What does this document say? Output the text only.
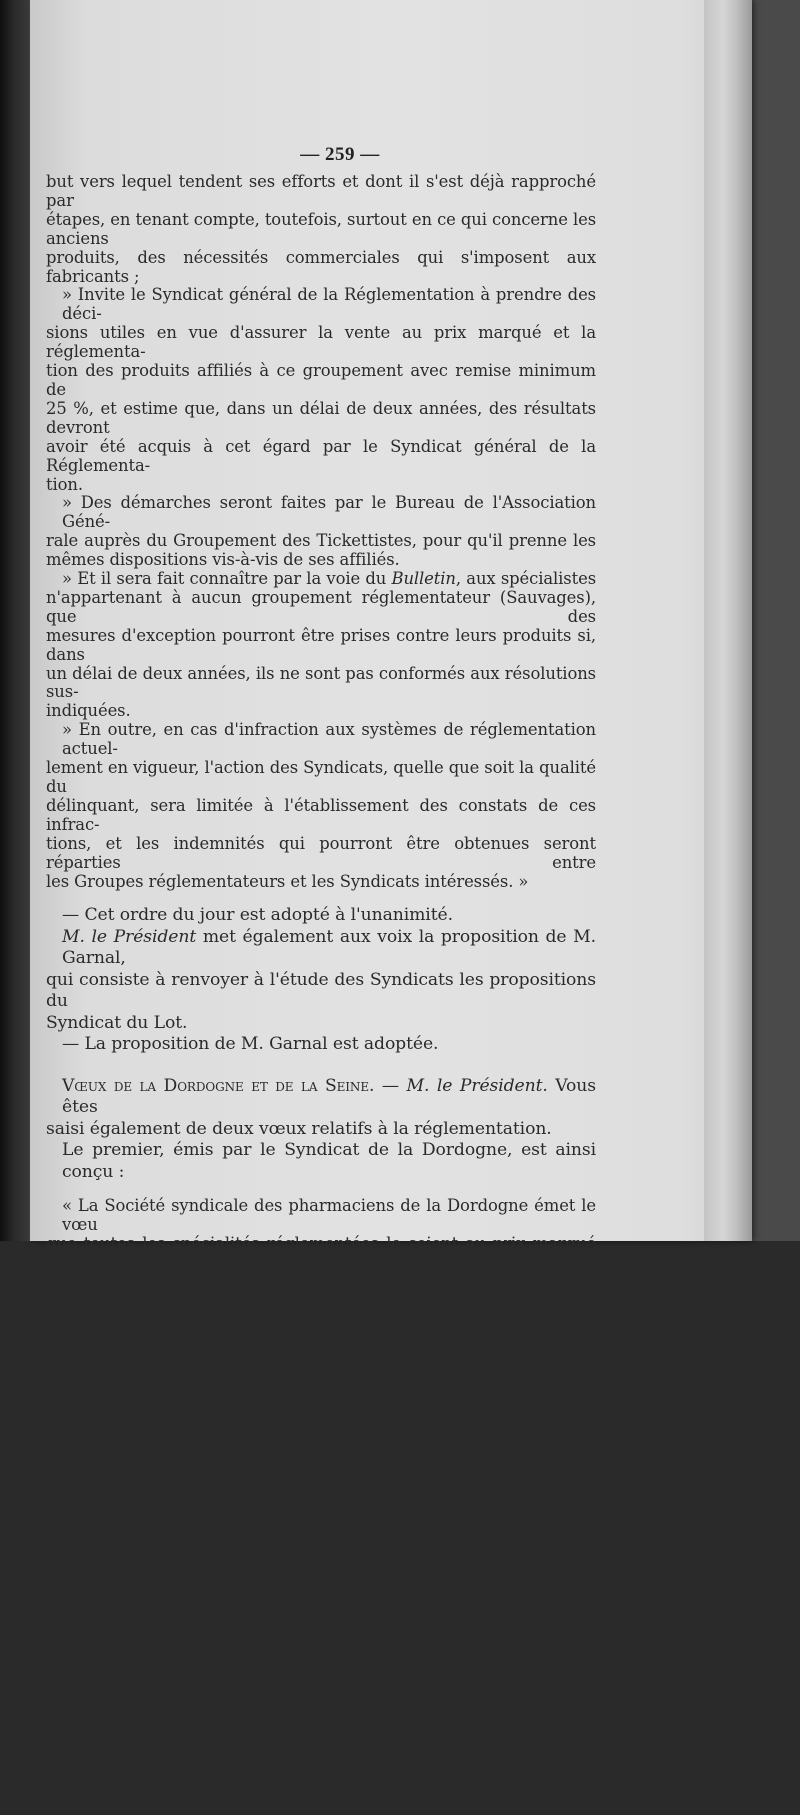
— 259 —
but vers lequel tendent ses efforts et dont il s'est déjà rapproché par
étapes, en tenant compte, toutefois, surtout en ce qui concerne les anciens
produits, des nécessités commerciales qui s'imposent aux fabricants ;
» Invite le Syndicat général de la Réglementation à prendre des déci-
sions utiles en vue d'assurer la vente au prix marqué et la réglementa-
tion des produits affiliés à ce groupement avec remise minimum de
25 %, et estime que, dans un délai de deux années, des résultats devront
avoir été acquis à cet égard par le Syndicat général de la Réglementa-
tion.
» Des démarches seront faites par le Bureau de l'Association Géné-
rale auprès du Groupement des Tickettistes, pour qu'il prenne les
mêmes dispositions vis-à-vis de ses affiliés.
» Et il sera fait connaître par la voie du Bulletin, aux spécialistes
n'appartenant à aucun groupement réglementateur (Sauvages), que des
mesures d'exception pourront être prises contre leurs produits si, dans
un délai de deux années, ils ne sont pas conformés aux résolutions sus-
indiquées.
» En outre, en cas d'infraction aux systèmes de réglementation actuel-
lement en vigueur, l'action des Syndicats, quelle que soit la qualité du
délinquant, sera limitée à l'établissement des constats de ces infrac-
tions, et les indemnités qui pourront être obtenues seront réparties entre
les Groupes réglementateurs et les Syndicats intéressés. »
— Cet ordre du jour est adopté à l'unanimité.
M. le Président met également aux voix la proposition de M. Garnal,
qui consiste à renvoyer à l'étude des Syndicats les propositions du
Syndicat du Lot.
— La proposition de M. Garnal est adoptée.
Vœux de la Dordogne et de la Seine. — M. le Président. Vous êtes
saisi également de deux vœux relatifs à la réglementation.
Le premier, émis par le Syndicat de la Dordogne, est ainsi conçu :
« La Société syndicale des pharmaciens de la Dordogne émet le vœu
que toutes les spécialités réglementées le soient au prix marqué et avec
une remise minima de 25 % ; elle charge l'Association générale de trans-
mettre ce vœu au Syndicat général de la Réglementation, et aussi de
faire tous ses efforts pour que toutes les spécialités réglementées fassent
partie d'un des trois groupes du Syndicat général de la réglementation
ou de la Nationale-Réglementation. »
Le second a été adopté par le Conseil d'administration de la Cham-
bre syndicale de la Seine. En voici le texte :
« Le Conseil d'administration de la Chambre syndicale des pharma-
ciens de la Seine, approuvant les différents vœux relatifs à l'entrée des
spécialités isolément, dans les groupes à sanctions collectives, considé-
rant les précisions obtenues par l'Association Générale en faveur des
produits réglementés, est d'avis qu'en matière de réglementation, les
seuls points de vue à considérer sont le taux de la remise et l'efficacité
des sanctions. »
